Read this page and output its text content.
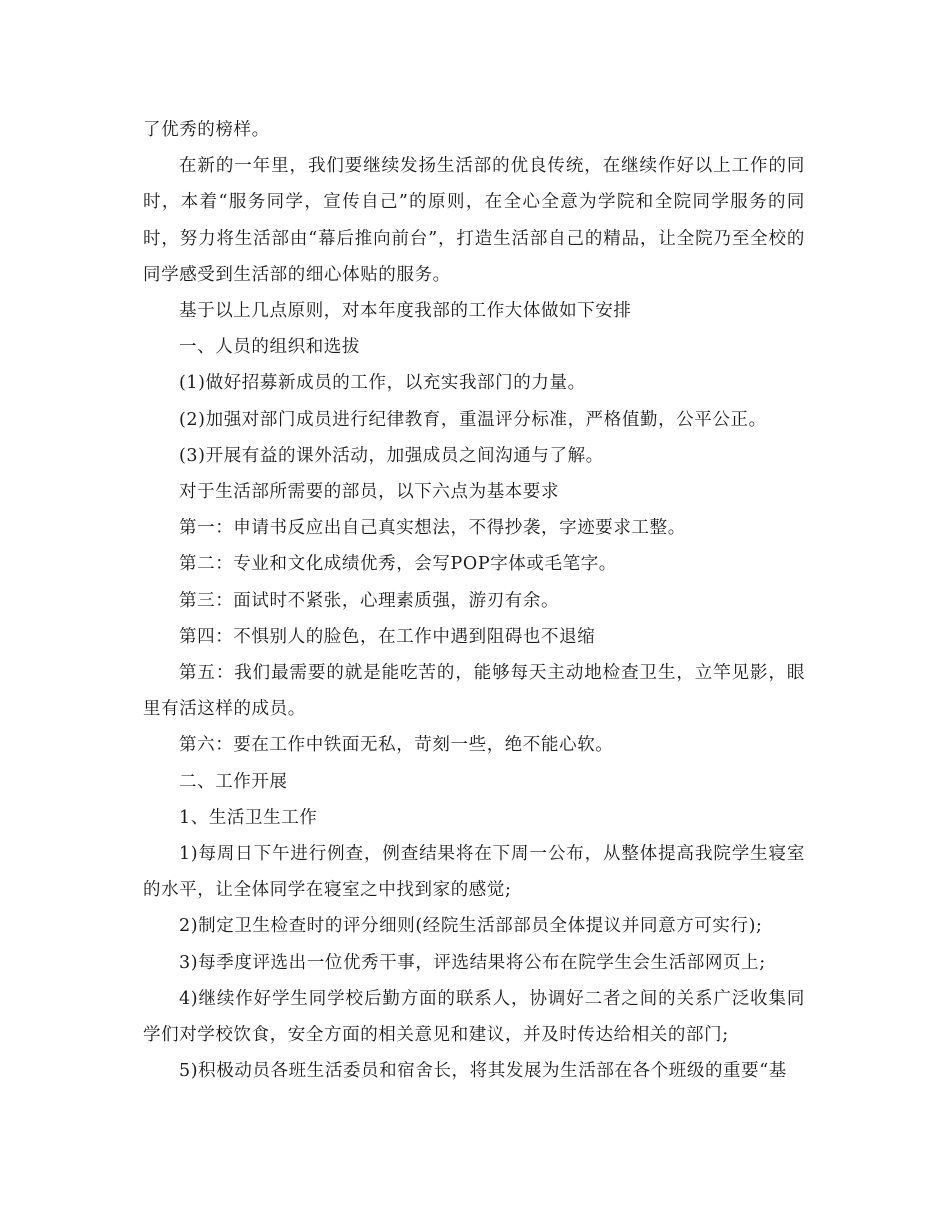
了优秀的榜样。

在新的一年里，我们要继续发扬生活部的优良传统，在继续作好以上工作的同时，本着“服务同学，宣传自己”的原则，在全心全意为学院和全院同学服务的同时，努力将生活部由“幕后推向前台”，打造生活部自己的精品，让全院乃至全校的同学感受到生活部的细心体贴的服务。

基于以上几点原则，对本年度我部的工作大体做如下安排

一、人员的组织和选拔

(1)做好招募新成员的工作，以充实我部门的力量。

(2)加强对部门成员进行纪律教育，重温评分标准，严格值勤，公平公正。

(3)开展有益的课外活动，加强成员之间沟通与了解。

对于生活部所需要的部员，以下六点为基本要求

第一：申请书反应出自己真实想法，不得抄袭，字迹要求工整。

第二：专业和文化成绩优秀，会写POP字体或毛笔字。

第三：面试时不紧张，心理素质强，游刃有余。

第四：不惧别人的脸色，在工作中遇到阻碍也不退缩

第五：我们最需要的就是能吃苦的，能够每天主动地检查卫生，立竿见影，眼里有活这样的成员。

第六：要在工作中铁面无私，苛刻一些，绝不能心软。

二、工作开展

1、生活卫生工作

1)每周日下午进行例查，例查结果将在下周一公布，从整体提高我院学生寝室的水平，让全体同学在寝室之中找到家的感觉;

2)制定卫生检查时的评分细则(经院生活部部员全体提议并同意方可实行);

3)每季度评选出一位优秀干事，评选结果将公布在院学生会生活部网页上;

4)继续作好学生同学校后勤方面的联系人，协调好二者之间的关系广泛收集同学们对学校饮食，安全方面的相关意见和建议，并及时传达给相关的部门;

5)积极动员各班生活委员和宿舍长，将其发展为生活部在各个班级的重要“基
